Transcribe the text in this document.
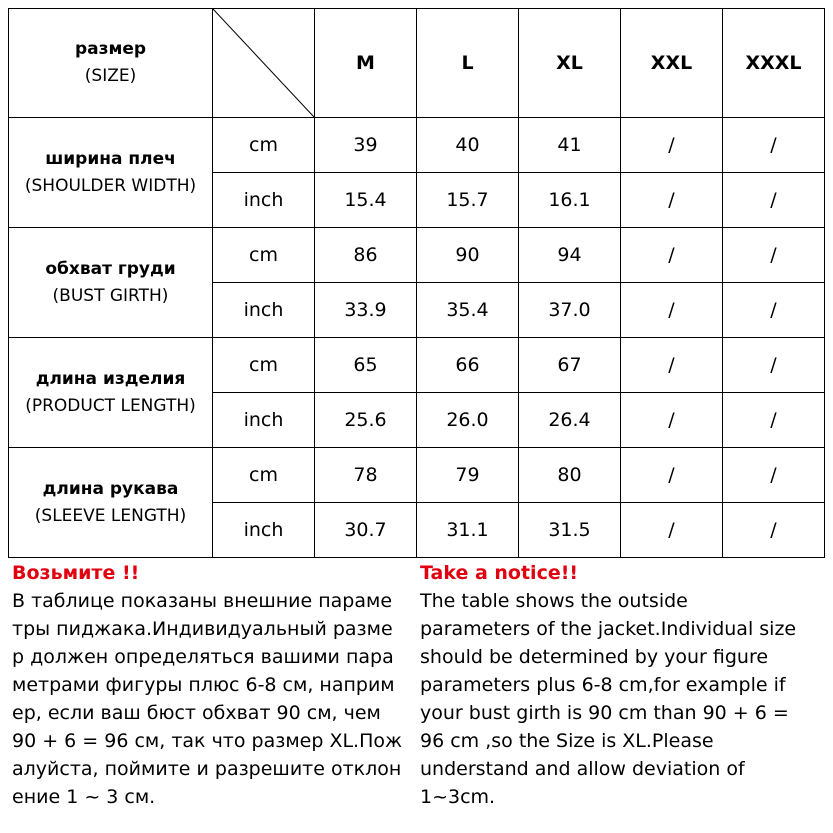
размер
(SIZE)		M	L	XL	XXL	XXXL

ширина плеч
(SHOULDER WIDTH)	cm	39	40	41	/	/
	inch	15.4	15.7	16.1	/	/

обхват груди
(BUST GIRTH)	cm	86	90	94	/	/
	inch	33.9	35.4	37.0	/	/

длина изделия
(PRODUCT LENGTH)	cm	65	66	67	/	/
	inch	25.6	26.0	26.4	/	/

длина рукава
(SLEEVE LENGTH)	cm	78	79	80	/	/
	inch	30.7	31.1	31.5	/	/
Возьмите !!
В таблице показаны внешние параме
тры пиджака.Индивидуальный разме
р должен определяться вашими пара
метрами фигуры плюс 6-8 см, наприм
ер, если ваш бюст обхват 90 см, чем
90 + 6 = 96 см, так что размер XL.Пож
алуйста, поймите и разрешите отклон
ение 1 ~ 3 см.
Take a notice!!
The table shows the outside
parameters of the jacket.Individual size
should be determined by your figure
parameters plus 6-8 cm,for example if
your bust girth is 90 cm than 90 + 6 =
96 cm ,so the Size is XL.Please
understand and allow deviation of
1~3cm.
